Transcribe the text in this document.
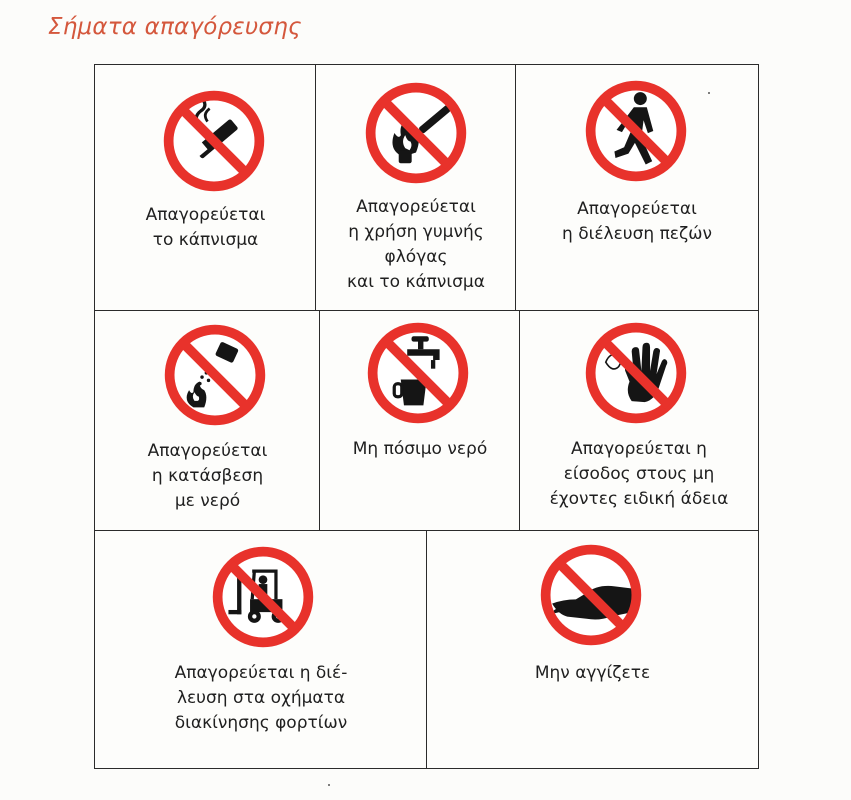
Σήματα απαγόρευσης
Απαγορεύεται
το κάπνισμα
Απαγορεύεται
η χρήση γυμνής
φλόγας
και το κάπνισμα
Απαγορεύεται
η διέλευση πεζών
Απαγορεύεται
η κατάσβεση
με νερό
Μη πόσιμο νερό	Απαγορεύεται η
είσοδος στους μη
έχοντες ειδική άδεια
Απαγορεύεται η διέ-
λευση στα οχήματα
διακίνησης φορτίων
Μην αγγίζετε
